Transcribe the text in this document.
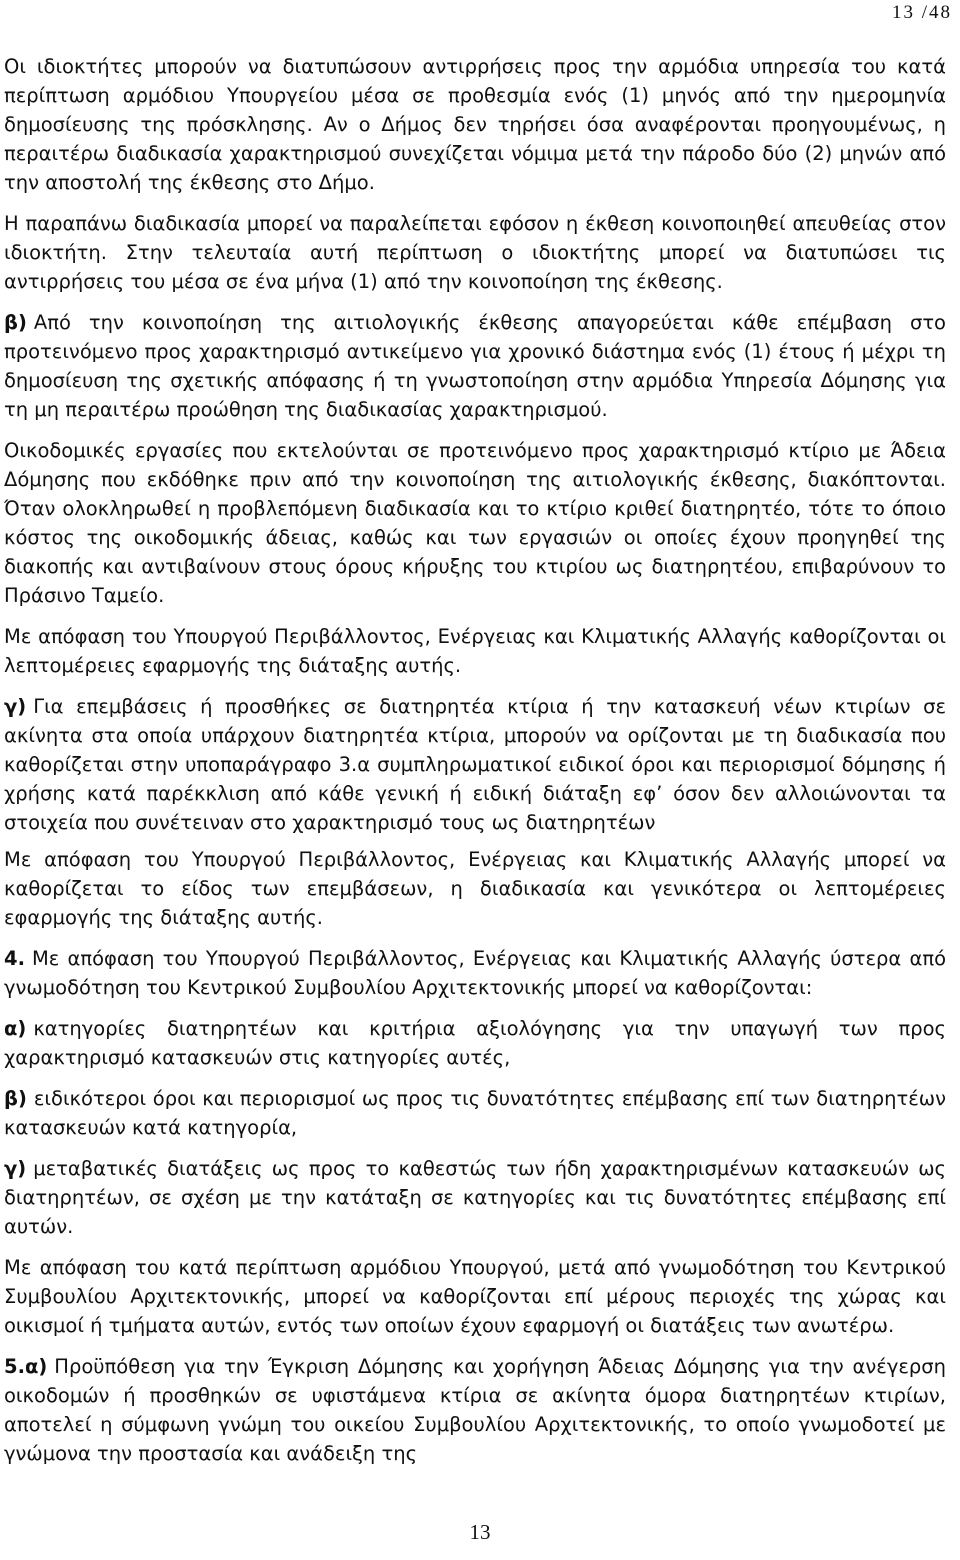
13 /48

Οι ιδιοκτήτες μπορούν να διατυπώσουν αντιρρήσεις προς την αρμόδια υπηρεσία του κατά περίπτωση αρμόδιου Υπουργείου μέσα σε προθεσμία ενός (1) μηνός από την ημερομηνία δημοσίευσης της πρόσκλησης. Αν ο Δήμος δεν τηρήσει όσα αναφέρονται προηγουμένως, η περαιτέρω διαδικασία χαρακτηρισμού συνεχίζεται νόμιμα μετά την πάροδο δύο (2) μηνών από την αποστολή της έκθεσης στο Δήμο.

Η παραπάνω διαδικασία μπορεί να παραλείπεται εφόσον η έκθεση κοινοποιηθεί απευθείας στον ιδιοκτήτη. Στην τελευταία αυτή περίπτωση ο ιδιοκτήτης μπορεί να διατυπώσει τις αντιρρήσεις του μέσα σε ένα μήνα (1) από την κοινοποίηση της έκθεσης.

β) Από την κοινοποίηση της αιτιολογικής έκθεσης απαγορεύεται κάθε επέμβαση στο προτεινόμενο προς χαρακτηρισμό αντικείμενο για χρονικό διάστημα ενός (1) έτους ή μέχρι τη δημοσίευση της σχετικής απόφασης ή τη γνωστοποίηση στην αρμόδια Υπηρεσία Δόμησης για τη μη περαιτέρω προώθηση της διαδικασίας χαρακτηρισμού.

Οικοδομικές εργασίες που εκτελούνται σε προτεινόμενο προς χαρακτηρισμό κτίριο με Άδεια Δόμησης που εκδόθηκε πριν από την κοινοποίηση της αιτιολογικής έκθεσης, διακόπτονται. Όταν ολοκληρωθεί η προβλεπόμενη διαδικασία και το κτίριο κριθεί διατηρητέο, τότε το όποιο κόστος της οικοδομικής άδειας, καθώς και των εργασιών οι οποίες έχουν προηγηθεί της διακοπής και αντιβαίνουν στους όρους κήρυξης του κτιρίου ως διατηρητέου, επιβαρύνουν το Πράσινο Ταμείο.

Με απόφαση του Υπουργού Περιβάλλοντος, Ενέργειας και Κλιματικής Αλλαγής καθορίζονται οι λεπτομέρειες εφαρμογής της διάταξης αυτής.

γ) Για επεμβάσεις ή προσθήκες σε διατηρητέα κτίρια ή την κατασκευή νέων κτιρίων σε ακίνητα στα οποία υπάρχουν διατηρητέα κτίρια, μπορούν να ορίζονται με τη διαδικασία που καθορίζεται στην υποπαράγραφο 3.α συμπληρωματικοί ειδικοί όροι και περιορισμοί δόμησης ή χρήσης κατά παρέκκλιση από κάθε γενική ή ειδική διάταξη εφ’ όσον δεν αλλοιώνονται τα στοιχεία που συνέτειναν στο χαρακτηρισμό τους ως διατηρητέων

Με απόφαση του Υπουργού Περιβάλλοντος, Ενέργειας και Κλιματικής Αλλαγής μπορεί να καθορίζεται το είδος των επεμβάσεων, η διαδικασία και γενικότερα οι λεπτομέρειες εφαρμογής της διάταξης αυτής.

4. Με απόφαση του Υπουργού Περιβάλλοντος, Ενέργειας και Κλιματικής Αλλαγής ύστερα από γνωμοδότηση του Κεντρικού Συμβουλίου Αρχιτεκτονικής μπορεί να καθορίζονται:

α) κατηγορίες διατηρητέων και κριτήρια αξιολόγησης για την υπαγωγή των προς χαρακτηρισμό κατασκευών στις κατηγορίες αυτές,

β) ειδικότεροι όροι και περιορισμοί ως προς τις δυνατότητες επέμβασης επί των διατηρητέων κατασκευών κατά κατηγορία,

γ) μεταβατικές διατάξεις ως προς το καθεστώς των ήδη χαρακτηρισμένων κατασκευών ως διατηρητέων, σε σχέση με την κατάταξη σε κατηγορίες και τις δυνατότητες επέμβασης επί αυτών.

Με απόφαση του κατά περίπτωση αρμόδιου Υπουργού, μετά από γνωμοδότηση του Κεντρικού Συμβουλίου Αρχιτεκτονικής, μπορεί να καθορίζονται επί μέρους περιοχές της χώρας και οικισμοί ή τμήματα αυτών, εντός των οποίων έχουν εφαρμογή οι διατάξεις των ανωτέρω.

5.α) Προϋπόθεση για την Έγκριση Δόμησης και χορήγηση Άδειας Δόμησης για την ανέγερση οικοδομών ή προσθηκών σε υφιστάμενα κτίρια σε ακίνητα όμορα διατηρητέων κτιρίων, αποτελεί η σύμφωνη γνώμη του οικείου Συμβουλίου Αρχιτεκτονικής, το οποίο γνωμοδοτεί με γνώμονα την προστασία και ανάδειξη της

13
